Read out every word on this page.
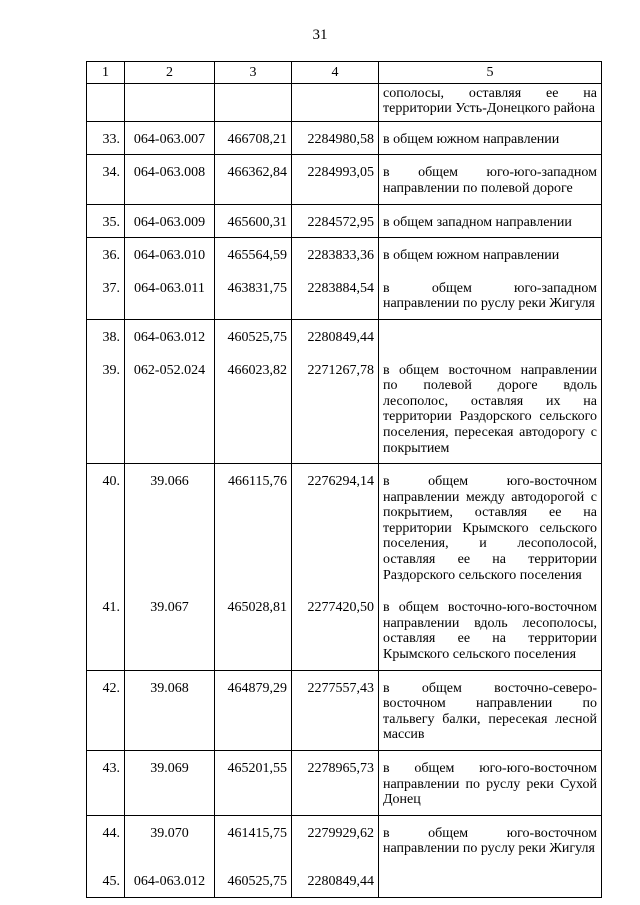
31
1	2	3	4	5
				сополосы, оставляя ее на территории Усть-Донецкого района
33.	064-063.007	466708,21	2284980,58	в общем южном направлении
34.	064-063.008	466362,84	2284993,05	в общем юго-юго-западном направлении по полевой дороге
35.	064-063.009	465600,31	2284572,95	в общем западном направлении
36.	064-063.010	465564,59	2283833,36	в общем южном направлении
37.	064-063.011	463831,75	2283884,54	в общем юго-западном направлении по руслу реки Жигуля
38.	064-063.012	460525,75	2280849,44	
39.	062-052.024	466023,82	2271267,78	в общем восточном направлении по полевой дороге вдоль лесополос, оставляя их на территории Раздорского сельского поселения, пересекая автодорогу с покрытием
40.	39.066	466115,76	2276294,14	в общем юго-восточном направлении между автодорогой с покрытием, оставляя ее на территории Крымского сельского поселения, и лесополосой, оставляя ее на территории Раздорского сельского поселения
41.	39.067	465028,81	2277420,50	в общем восточно-юго-восточном направлении вдоль лесополосы, оставляя ее на территории Крымского сельского поселения
42.	39.068	464879,29	2277557,43	в общем восточно-северо-восточном направлении по тальвегу балки, пересекая лесной массив
43.	39.069	465201,55	2278965,73	в общем юго-юго-восточном направлении по руслу реки Сухой Донец
44.	39.070	461415,75	2279929,62	в общем юго-восточном направлении по руслу реки Жигуля
45.	064-063.012	460525,75	2280849,44	
